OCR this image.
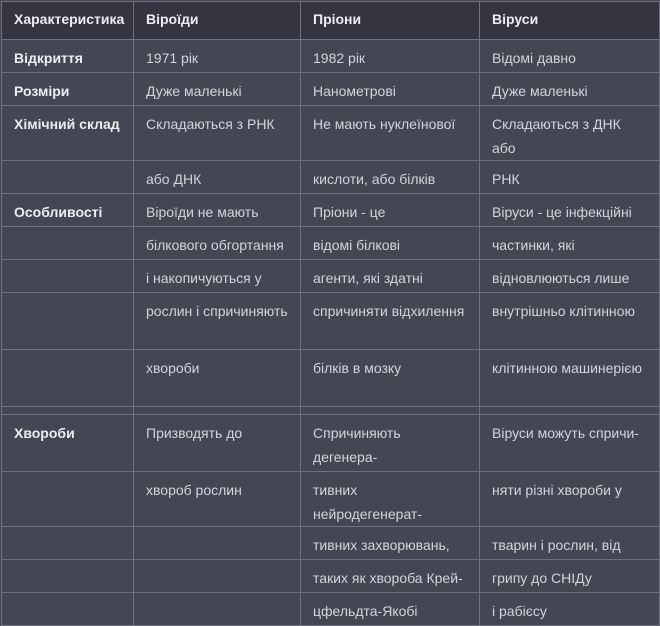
Характеристика	Віроїди	Пріони	Віруси
Відкриття	1971 рік	1982 рік	Відомі давно
Розміри	Дуже маленькі	Нанометрові	Дуже маленькі
Хімічний склад	Складаються з РНК	Не мають нуклеїнової	Складаються з ДНК або
	або ДНК	кислоти, або білків	РНК
Особливості	Віроїди не мають	Пріони - це	Віруси - це інфекційні
	білкового обгортання	відомі білкові	частинки, які
	і накопичуються у	агенти, які здатні	відновлюються лише
	рослин і спричиняють	спричиняти відхилення	внутрішньо клітинною
	хвороби	білків в мозку	клітинною машинерією

Хвороби	Призводять до	Спричиняють дегенера-	Віруси можуть спричи-
	хвороб рослин	тивних нейродегенерат-	няти різні хвороби у
		тивних захворювань,	тварин і рослин, від
		таких як хвороба Крей-	грипу до СНІДу
		цфельдта-Якобі	і рабієсу
